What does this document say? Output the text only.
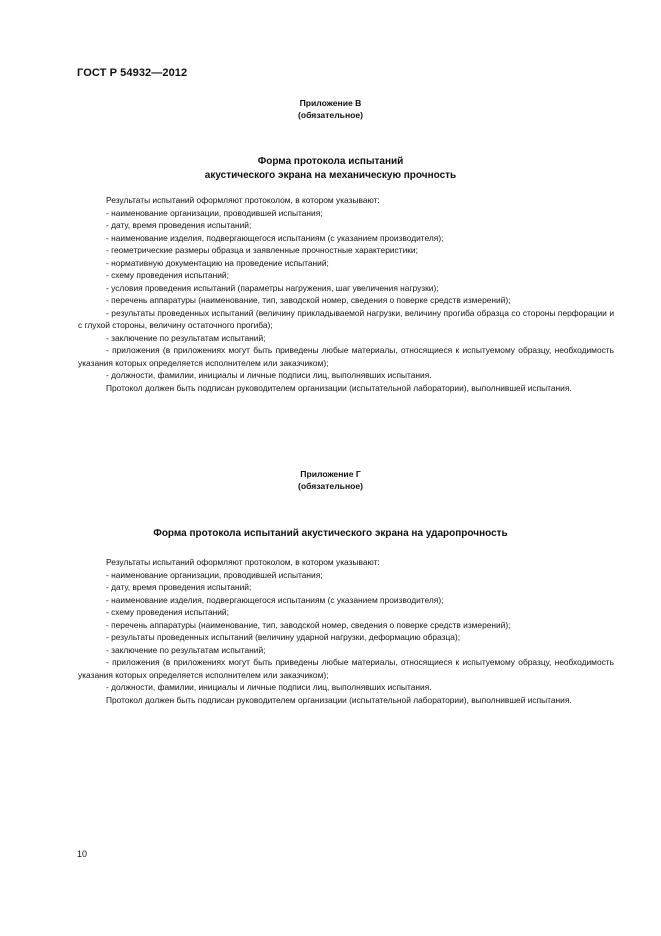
ГОСТ Р 54932—2012
Приложение В
(обязательное)
Форма протокола испытаний
акустического экрана на механическую прочность

Результаты испытаний оформляют протоколом, в котором указывают:

- наименование организации, проводившей испытания;

- дату, время проведения испытаний;

- наименование изделия, подвергающегося испытаниям (с указанием производителя);

- геометрические размеры образца и заявленные прочностные характеристики;

- нормативную документацию на проведение испытаний;

- схему проведения испытаний;

- условия проведения испытаний (параметры нагружения, шаг увеличения нагрузки);

- перечень аппаратуры (наименование, тип, заводской номер, сведения о поверке средств измерений);

- результаты проведенных испытаний (величину прикладываемой нагрузки, величину прогиба образца со стороны перфорации и с глухой стороны, величину остаточного прогиба);

- заключение по результатам испытаний;

- приложения (в приложениях могут быть приведены любые материалы, относящиеся к испытуемому образцу, необходимость указания которых определяется исполнителем или заказчиком);

- должности, фамилии, инициалы и личные подписи лиц, выполнявших испытания.

Протокол должен быть подписан руководителем организации (испытательной лаборатории), выполнившей испытания.

Приложение Г
(обязательное)
Форма протокола испытаний акустического экрана на ударопрочность

Результаты испытаний оформляют протоколом, в котором указывают:

- наименование организации, проводившей испытания;

- дату, время проведения испытаний;

- наименование изделия, подвергающегося испытаниям (с указанием производителя);

- схему проведения испытаний;

- перечень аппаратуры (наименование, тип, заводской номер, сведения о поверке средств измерений);

- результаты проведенных испытаний (величину ударной нагрузки, деформацию образца);

- заключение по результатам испытаний;

- приложения (в приложениях могут быть приведены любые материалы, относящиеся к испытуемому образцу, необходимость указания которых определяется исполнителем или заказчиком);

- должности, фамилии, инициалы и личные подписи лиц, выполнявших испытания.

Протокол должен быть подписан руководителем организации (испытательной лаборатории), выполнившей испытания.

10
